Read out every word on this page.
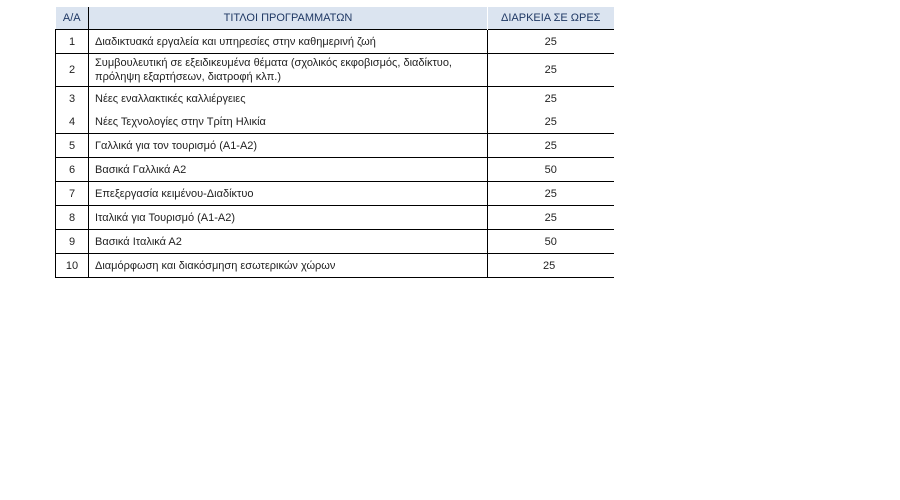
Α/Α	ΤΙΤΛΟΙ ΠΡΟΓΡΑΜΜΑΤΩΝ	ΔΙΑΡΚΕΙΑ ΣΕ ΩΡΕΣ
1	Διαδικτυακά εργαλεία και υπηρεσίες στην καθημερινή ζωή	25
2	Συμβουλευτική σε εξειδικευμένα θέματα (σχολικός εκφοβισμός, διαδίκτυο, πρόληψη εξαρτήσεων, διατροφή κλπ.)	25
3	Νέες εναλλακτικές καλλιέργειες	25
4	Νέες Τεχνολογίες στην Τρίτη Ηλικία	25
5	Γαλλικά για τον τουρισμό (Α1-Α2)	25
6	Βασικά Γαλλικά Α2	50
7	Επεξεργασία κειμένου-Διαδίκτυο	25
8	Ιταλικά για Τουρισμό (Α1-Α2)	25
9	Βασικά Ιταλικά Α2	50
10	Διαμόρφωση και διακόσμηση εσωτερικών χώρων	25
